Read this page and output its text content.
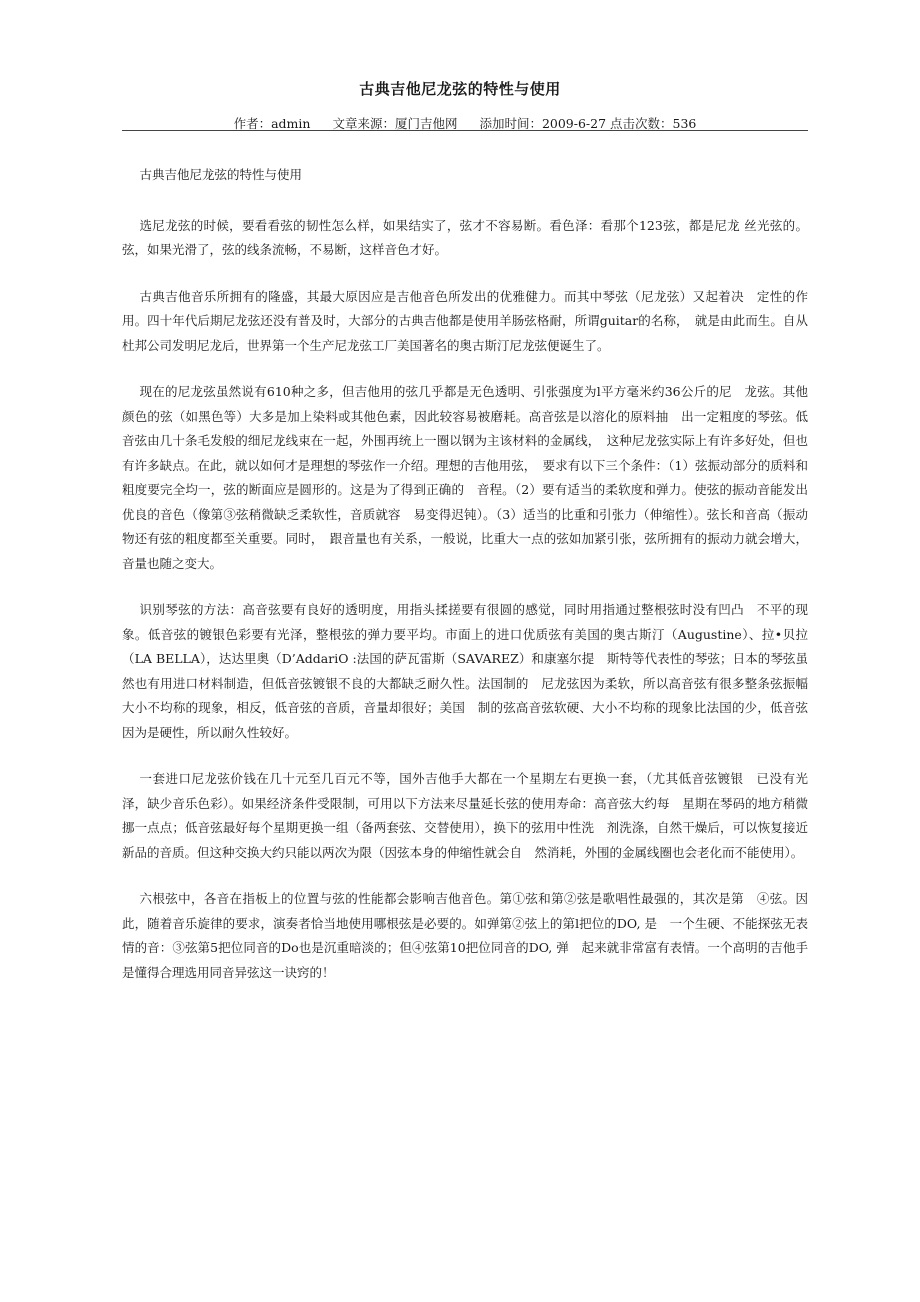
古典吉他尼龙弦的特性与使用
作者：admin 文章来源：厦门吉他网 添加时间：2009-6-27 点击次数：536

古典吉他尼龙弦的特性与使用

选尼龙弦的时候，要看看弦的韧性怎么样，如果结实了，弦才不容易断。看色泽：看那个123弦，都是尼龙 丝光弦的。弦，如果光滑了，弦的线条流畅，不易断，这样音色才好。

古典吉他音乐所拥有的隆盛，其最大原因应是吉他音色所发出的优雅健力。而其中琴弦（尼龙弦）又起着决　定性的作用。四十年代后期尼龙弦还没有普及时，大部分的古典吉他都是使用羊肠弦格耐，所谓guitar的名称，　就是由此而生。自从杜邦公司发明尼龙后，世界第一个生产尼龙弦工厂美国著名的奥古斯汀尼龙弦便诞生了。

现在的尼龙弦虽然说有610种之多，但吉他用的弦几乎都是无色透明、引张强度为l平方毫米约36公斤的尼　龙弦。其他颜色的弦（如黑色等）大多是加上染料或其他色素，因此较容易被磨耗。高音弦是以溶化的原料抽　出一定粗度的琴弦。低音弦由几十条毛发般的细尼龙线束在一起，外围再统上一圈以钢为主该材料的金属线，　这种尼龙弦实际上有许多好处，但也有许多缺点。在此，就以如何才是理想的琴弦作一介绍。理想的吉他用弦，　要求有以下三个条件：（1）弦振动部分的质料和粗度要完全均一，弦的断面应是圆形的。这是为了得到正确的　音程。（2）要有适当的柔软度和弹力。使弦的振动音能发出优良的音色（像第③弦稍微缺乏柔软性，音质就容　易变得迟钝）。（3）适当的比重和引张力（伸缩性）。弦长和音高（振动物还有弦的粗度都至关重要。同时，　跟音量也有关系，一般说，比重大一点的弦如加紧引张，弦所拥有的振动力就会增大，音量也随之变大。

识别琴弦的方法：高音弦要有良好的透明度，用指头揉搓要有很圆的感觉，同时用指通过整根弦时没有凹凸　不平的现象。低音弦的镀银色彩要有光泽，整根弦的弹力要平均。市面上的进口优质弦有美国的奥古斯汀（Augustine）、拉•贝拉（LA BELLA），达达里奥（D’AddariO :法国的萨瓦雷斯（SAVAREZ）和康塞尔提　斯特等代表性的琴弦；日本的琴弦虽然也有用进口材料制造，但低音弦镀银不良的大都缺乏耐久性。法国制的　尼龙弦因为柔软，所以高音弦有很多整条弦振幅大小不均称的现象，相反，低音弦的音质，音量却很好；美国　制的弦高音弦软硬、大小不均称的现象比法国的少，低音弦因为是硬性，所以耐久性较好。

一套进口尼龙弦价钱在几十元至几百元不等，国外吉他手大都在一个星期左右更换一套，（尤其低音弦镀银　已没有光泽，缺少音乐色彩）。如果经济条件受限制，可用以下方法来尽量延长弦的使用寿命：高音弦大约每　星期在琴码的地方稍微挪一点点；低音弦最好每个星期更换一组（备两套弦、交替使用），换下的弦用中性洗　剂洗涤，自然干燥后，可以恢复接近新品的音质。但这种交换大约只能以两次为限（因弦本身的伸缩性就会自　然消耗，外围的金属线圈也会老化而不能使用）。

六根弦中，各音在指板上的位置与弦的性能都会影响吉他音色。第①弦和第②弦是歌唱性最强的，其次是第　④弦。因此，随着音乐旋律的要求，演奏者恰当地使用哪根弦是必要的。如弹第②弦上的第l把位的DO, 是　一个生硬、不能探弦无表情的音：③弦第5把位同音的Do也是沉重暗淡的；但④弦第10把位同音的DO, 弹　起来就非常富有表情。一个高明的吉他手是懂得合理选用同音异弦这一诀窍的！
